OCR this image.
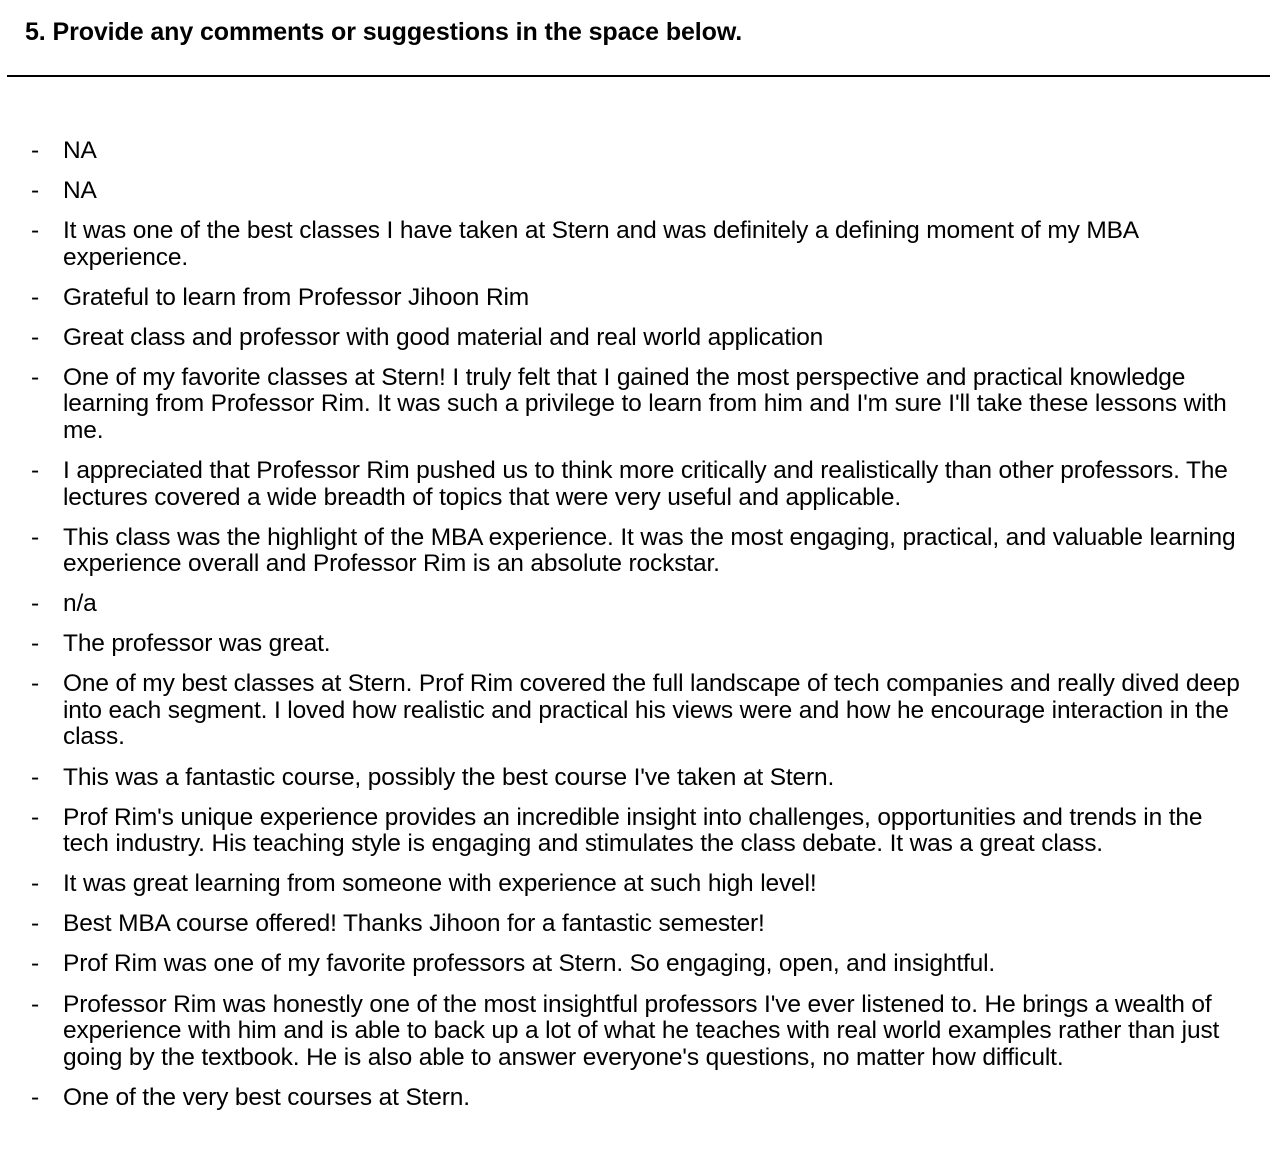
5. Provide any comments or suggestions in the space below.
- NA
- NA
- It was one of the best classes I have taken at Stern and was definitely a defining moment of my MBA experience.
- Grateful to learn from Professor Jihoon Rim
- Great class and professor with good material and real world application
- One of my favorite classes at Stern! I truly felt that I gained the most perspective and practical knowledge learning from Professor Rim. It was such a privilege to learn from him and I'm sure I'll take these lessons with me.
- I appreciated that Professor Rim pushed us to think more critically and realistically than other professors. The lectures covered a wide breadth of topics that were very useful and applicable.
- This class was the highlight of the MBA experience. It was the most engaging, practical, and valuable learning experience overall and Professor Rim is an absolute rockstar.
- n/a
- The professor was great.
- One of my best classes at Stern. Prof Rim covered the full landscape of tech companies and really dived deep into each segment. I loved how realistic and practical his views were and how he encourage interaction in the class.
- This was a fantastic course, possibly the best course I've taken at Stern.
- Prof Rim's unique experience provides an incredible insight into challenges, opportunities and trends in the tech industry. His teaching style is engaging and stimulates the class debate. It was a great class.
- It was great learning from someone with experience at such high level!
- Best MBA course offered! Thanks Jihoon for a fantastic semester!
- Prof Rim was one of my favorite professors at Stern. So engaging, open, and insightful.
- Professor Rim was honestly one of the most insightful professors I've ever listened to. He brings a wealth of experience with him and is able to back up a lot of what he teaches with real world examples rather than just going by the textbook. He is also able to answer everyone's questions, no matter how difficult.
- One of the very best courses at Stern.
